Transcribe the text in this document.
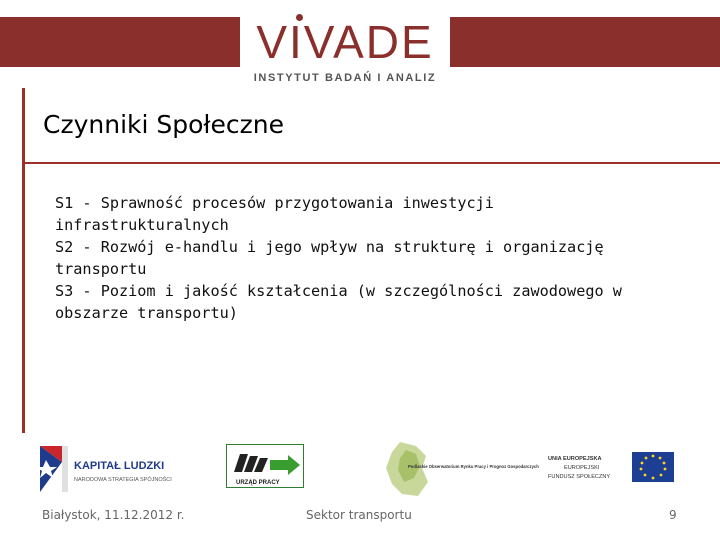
VIVADE
INSTYTUT BADAŃ I ANALIZ
Czynniki Społeczne
S1 - Sprawność procesów przygotowania inwestycji infrastrukturalnych
S2 - Rozwój e-handlu i jego wpływ na strukturę i organizację transportu
S3 - Poziom i jakość kształcenia (w szczególności zawodowego w obszarze transportu)
KAPITAŁ LUDZKI
NARODOWA STRATEGIA SPÓJNOŚCI	URZĄD PRACY
Podlaskie Obserwatorium Rynku Pracy i Prognoz Gospodarczych
UNIA EUROPEJSKA
EUROPEJSKI
FUNDUSZ SPOŁECZNY
Białystok, 11.12.2012 r.	Sektor transportu	9
